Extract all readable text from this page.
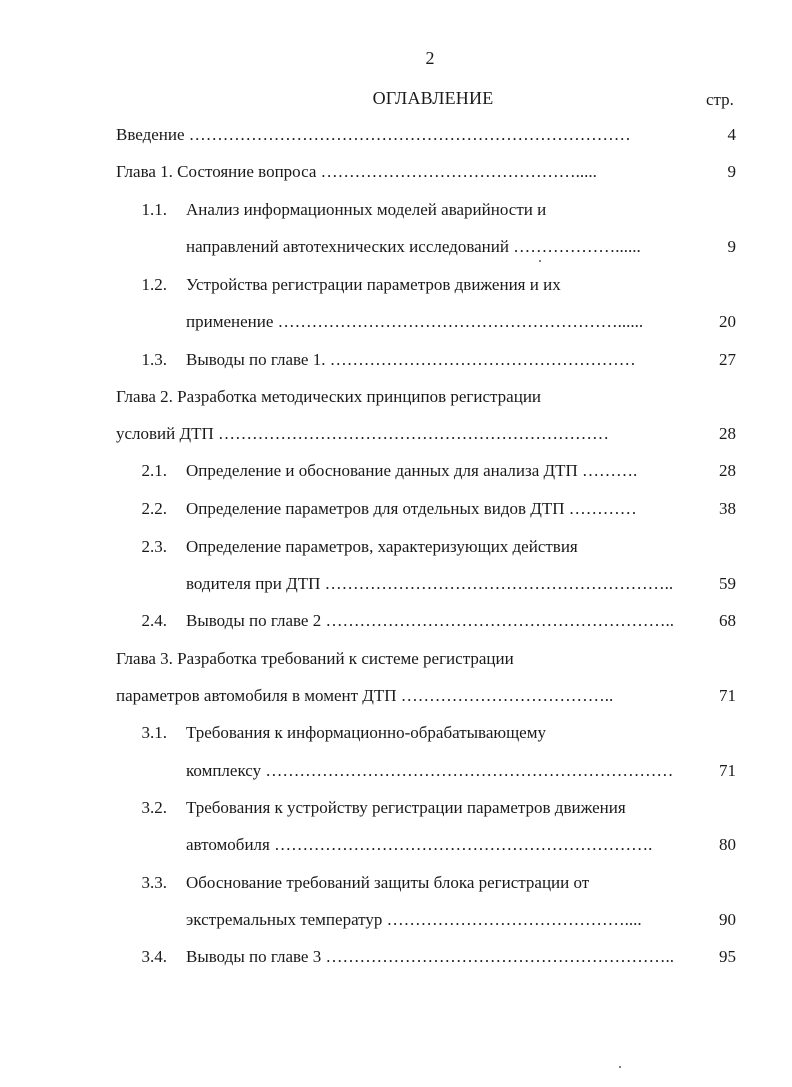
2
ОГЛАВЛЕНИЕ	стр.
Введение ……………………………………………………………………	4
Глава 1. Состояние вопроса ……………………………………….....	9
1.1. Анализ информационных моделей аварийности и
направлений автотехнических исследований ………………......	9
1.2. Устройства регистрации параметров движения и их
применение ……………………………………………………......	20
1.3. Выводы по главе 1. ………………………………………………	27
Глава 2. Разработка методических принципов регистрации
условий ДТП ……………………………………………………………	28
2.1. Определение и обоснование данных для анализа ДТП ……….	28
2.2. Определение параметров для отдельных видов ДТП …………	38
2.3. Определение параметров, характеризующих действия
водителя при ДТП ……………………………………………………..	59
2.4. Выводы по главе 2 ……………………………………………………..	68
Глава 3. Разработка требований к системе регистрации
параметров автомобиля в момент ДТП ………………………………..	71
3.1. Требования к информационно-обрабатывающему
комплексу ………………………………………………………………	71
3.2. Требования к устройству регистрации параметров движения
автомобиля ………………………………………………………….	80
3.3. Обоснование требований защиты блока регистрации от
экстремальных температур ……………………………………....	90
3.4. Выводы по главе 3 ……………………………………………………..	95
